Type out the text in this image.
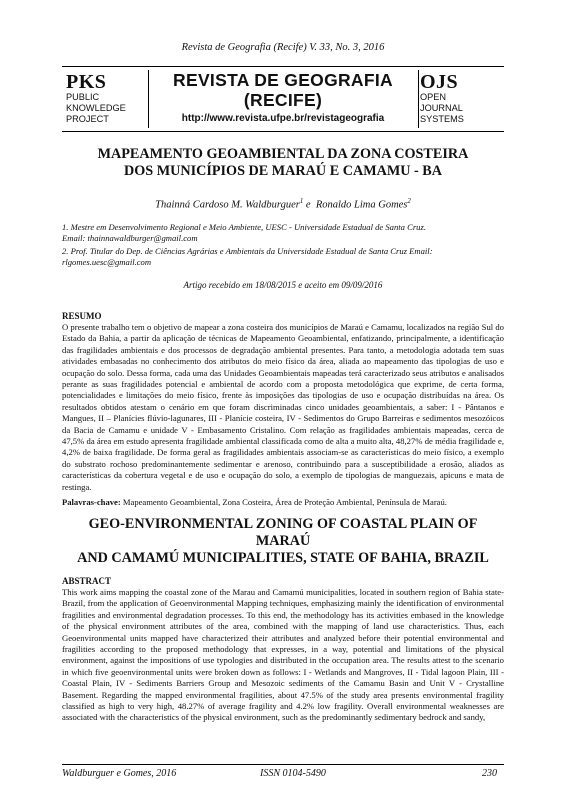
Revista de Geografia (Recife) V. 33, No. 3, 2016
PKS
PUBLIC
KNOWLEDGE
PROJECT
REVISTA DE GEOGRAFIA
(RECIFE)
http://www.revista.ufpe.br/revistageografia
OJS
OPEN
JOURNAL
SYSTEMS
MAPEAMENTO GEOAMBIENTAL DA ZONA COSTEIRA
DOS MUNICÍPIOS DE MARAÚ E CAMAMU - BA
Thainná Cardoso M. Waldburguer$^1$ e  Ronaldo Lima Gomes$^2$
1. Mestre em Desenvolvimento Regional e Meio Ambiente, UESC - Universidade Estadual de Santa Cruz.
Email: thainnawaldburger@gmail.com
2. Prof. Titular do Dep. de Ciências Agrárias e Ambientais da Universidade Estadual de Santa Cruz Email:
rlgomes.uesc@gmail.com
Artigo recebido em 18/08/2015 e aceito em 09/09/2016
RESUMO
O presente trabalho tem o objetivo de mapear a zona costeira dos municípios de Maraú e Camamu, localizados na região Sul do Estado da Bahia, a partir da aplicação de técnicas de Mapeamento Geoambiental, enfatizando, principalmente, a identificação das fragilidades ambientais e dos processos de degradação ambiental presentes. Para tanto, a metodologia adotada tem suas atividades embasadas no conhecimento dos atributos do meio físico da área, aliada ao mapeamento das tipologias de uso e ocupação do solo. Dessa forma, cada uma das Unidades Geoambientais mapeadas terá caracterizado seus atributos e analisados perante as suas fragilidades potencial e ambiental de acordo com a proposta metodológica que exprime, de certa forma, potencialidades e limitações do meio físico, frente às imposições das tipologias de uso e ocupação distribuídas na área. Os resultados obtidos atestam o cenário em que foram discriminadas cinco unidades geoambientais, a saber: I - Pântanos e Mangues, II – Planícies flúvio-lagunares, III - Planície costeira, IV - Sedimentos do Grupo Barreiras e sedimentos mesozóicos da Bacia de Camamu e unidade V - Embasamento Cristalino. Com relação as fragilidades ambientais mapeadas, cerca de 47,5% da área em estudo apresenta fragilidade ambiental classificada como de alta a muito alta, 48,27% de média fragilidade e, 4,2% de baixa fragilidade. De forma geral as fragilidades ambientais associam-se as características do meio físico, a exemplo do substrato rochoso predominantemente sedimentar e arenoso, contribuindo para a susceptibilidade a erosão, aliados as características da cobertura vegetal e de uso e ocupação do solo, a exemplo de tipologias de manguezais, apicuns e mata de restinga.
Palavras-chave: Mapeamento Geoambiental, Zona Costeira, Área de Proteção Ambiental, Península de Maraú.
GEO-ENVIRONMENTAL ZONING OF COASTAL PLAIN OF MARAÚ
AND CAMAMÚ MUNICIPALITIES, STATE OF BAHIA, BRAZIL
ABSTRACT
This work aims mapping the coastal zone of the Marau and Camamú municipalities, located in southern region of Bahia state-Brazil, from the application of Geoenvironmental Mapping techniques, emphasizing mainly the identification of environmental fragilities and environmental degradation processes. To this end, the methodology has its activities embased in the knowledge of the physical environment attributes of the area, combined with the mapping of land use characteristics. Thus, each Geoenvironmental units mapped have characterized their attributes and analyzed before their potential environmental and fragilities according to the proposed methodology that expresses, in a way, potential and limitations of the physical environment, against the impositions of use typologies and distributed in the occupation area. The results attest to the scenario in which five geoenvironmental units were broken down as follows: I - Wetlands and Mangroves, II - Tidal lagoon Plain, III - Coastal Plain, IV - Sediments Barriers Group and Mesozoic sediments of the Camamu Basin and Unit V - Crystalline Basement. Regarding the mapped environmental fragilities, about 47.5% of the study area presents environmental fragility classified as high to very high, 48.27% of average fragility and 4.2% low fragility. Overall environmental weaknesses are associated with the characteristics of the physical environment, such as the predominantly sedimentary bedrock and sandy,
Waldburguer e Gomes, 2016	ISSN 0104-5490	230
